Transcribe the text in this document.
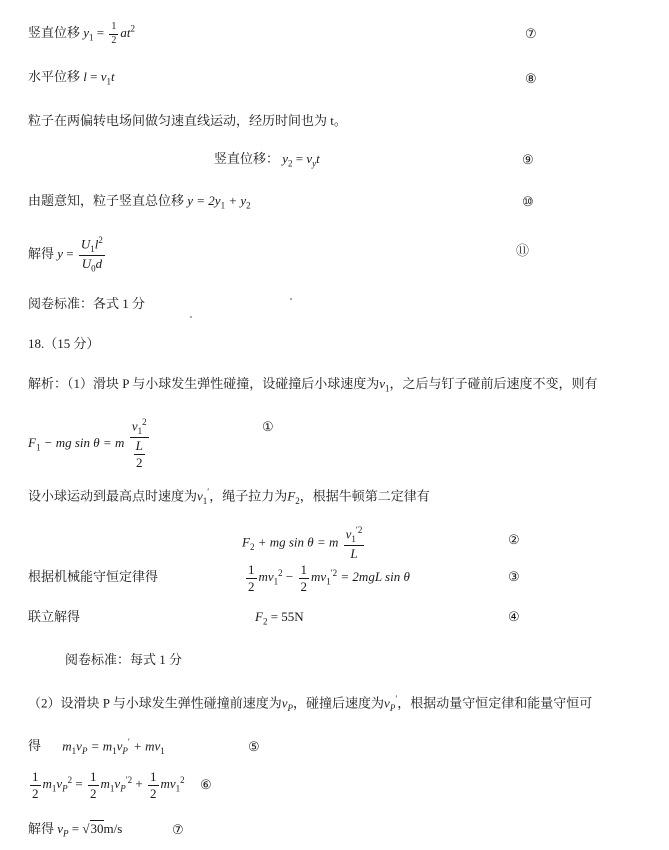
竖直位移 $y_1 = \frac{1}{2} at^2$	⑦
水平位移 $l = v_1t$	⑧
粒子在两偏转电场间做匀速直线运动，经历时间也为 t。
竖直位移： $y_2 = v_yt$	⑨
由题意知，粒子竖直总位移 $y = 2y_1 + y_2$	⑩
解得 $y = \frac{U_1l^2}{U_0d}$	⑪
阅卷标准：各式 1 分
18.（15 分）
解析：（1）滑块 P 与小球发生弹性碰撞，设碰撞后小球速度为$v_1$，之后与钉子碰前后速度不变，则有
$F_1$ − mg sin θ = m $\frac{v_1^2}{\frac{L}{2}}$	①
设小球运动到最高点时速度为$v_1'$，绳子拉力为$F_2$，根据牛顿第二定律有
$F_2$ + mg sin θ = m $\frac{v_1^{'2}}{L}$	②
根据机械能守恒定律得	$\frac{1}{2} mv_1^2 - \frac{1}{2} mv_1^{'2} = 2mgL$ sin θ	③
联立解得	$F_2 = 55N$	④
阅卷标准：每式 1 分
（2）设滑块 P 与小球发生弹性碰撞前速度为$v_P$，碰撞后速度为$v_P'$，根据动量守恒定律和能量守恒可
得 $m_1v_P = m_1v_P' + mv_1$	⑤
$\frac{1}{2} m_1v_P^2 = \frac{1}{2} m_1v_P^{'2} + \frac{1}{2} mv_1^2$ ⑥
解得 $v_P = √30m/s$	⑦
